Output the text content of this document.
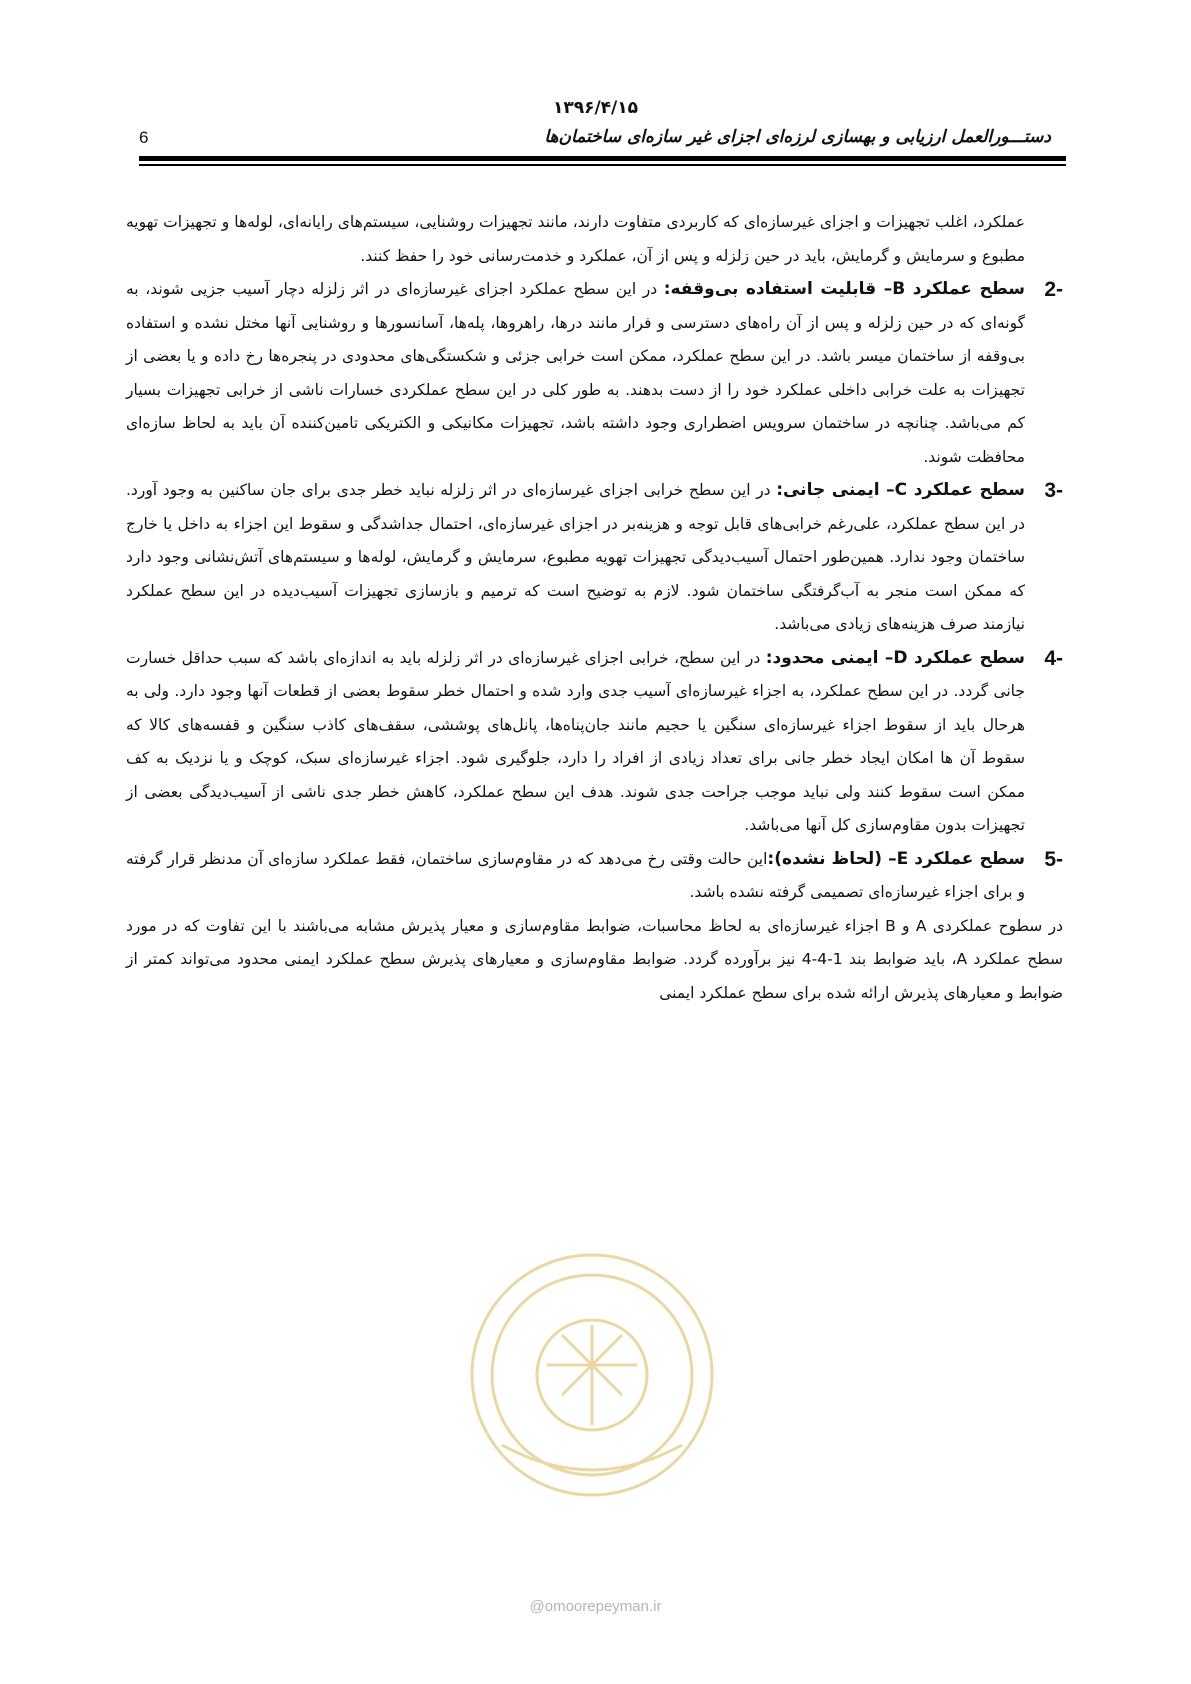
۱۳۹۶/۴/۱۵
دستـــورالعمل ارزیابی و بهسازی لرزه‌ای اجزای غیر سازه‌ای ساختمان‌ها
6

عملکرد، اغلب تجهیزات و اجزای غیرسازه‌ای که کاربردی متفاوت دارند، مانند تجهیزات روشنایی، سیستم‌های رایانه‌ای، لوله‌ها و تجهیزات تهویه مطبوع و سرمایش و گرمایش، باید در حین زلزله و پس از آن، عملکرد و خدمت‌رسانی خود را حفظ کنند.

2-
سطح عملکرد B– قابلیت استفاده بی‌وقفه: در این سطح عملکرد اجزای غیرسازه‌ای در اثر زلزله دچار آسیب جزیی شوند، به گونه‌ای که در حین زلزله و پس از آن راه‌های دسترسی و فرار مانند درها، راهروها، پله‌ها، آسانسورها و روشنایی آنها مختل نشده و استفاده بی‌وقفه از ساختمان میسر باشد. در این سطح عملکرد، ممکن است خرابی جزئی و شکستگی‌های محدودی در پنجره‌ها رخ داده و یا بعضی از تجهیزات به علت خرابی داخلی عملکرد خود را از دست بدهند. به طور کلی در این سطح عملکردی خسارات ناشی از خرابی تجهیزات بسیار کم می‌باشد. چنانچه در ساختمان سرویس اضطراری وجود داشته باشد، تجهیزات مکانیکی و الکتریکی تامین‌کننده آن باید به لحاظ سازه‌ای محافظت شوند.

3-
سطح عملکرد C– ایمنی جانی: در این سطح خرابی اجزای غیرسازه‌ای در اثر زلزله نباید خطر جدی برای جان ساکنین به وجود آورد. در این سطح عملکرد، علی‌رغم خرابی‌های قابل توجه و هزینه‌بر در اجزای غیرسازه‌ای، احتمال جداشدگی و سقوط این اجزاء به داخل یا خارج ساختمان وجود ندارد. همین‌طور احتمال آسیب‌دیدگی تجهیزات تهویه مطبوع، سرمایش و گرمایش، لوله‌ها و سیستم‌های آتش‌نشانی وجود دارد که ممکن است منجر به آب‌گرفتگی ساختمان شود. لازم به توضیح است که ترمیم و بازسازی تجهیزات آسیب‌دیده در این سطح عملکرد نیازمند صرف هزینه‌های زیادی می‌باشد.

4-
سطح عملکرد D– ایمنی محدود: در این سطح، خرابی اجزای غیرسازه‌ای در اثر زلزله باید به اندازه‌ای باشد که سبب حداقل خسارت جانی گردد. در این سطح عملکرد، به اجزاء غیرسازه‌ای آسیب جدی وارد شده و احتمال خطر سقوط بعضی از قطعات آنها وجود دارد. ولی به هرحال باید از سقوط اجزاء غیرسازه‌ای سنگین یا حجیم مانند جان‌پناه‌ها، پانل‌های پوششی، سقف‌های کاذب سنگین و قفسه‌های کالا که سقوط آن ها امکان ایجاد خطر جانی برای تعداد زیادی از افراد را دارد، جلوگیری شود. اجزاء غیرسازه‌ای سبک، کوچک و یا نزدیک به کف ممکن است سقوط کنند ولی نباید موجب جراحت جدی شوند. هدف این سطح عملکرد، کاهش خطر جدی ناشی از آسیب‌دیدگی بعضی از تجهیزات بدون مقاوم‌سازی کل آنها می‌باشد.

5-
سطح عملکرد E– (لحاظ نشده):این حالت وقتی رخ می‌دهد که در مقاوم‌سازی ساختمان، فقط عملکرد سازه‌ای آن مدنظر قرار گرفته و برای اجزاء غیرسازه‌ای تصمیمی گرفته نشده باشد.

در سطوح عملکردی A و B اجزاء غیرسازه‌ای به لحاظ محاسبات، ضوابط مقاوم‌سازی و معیار پذیرش مشابه می‌باشند با این تفاوت که در مورد سطح عملکرد A، باید ضوابط بند 1-4-4 نیز برآورده گردد. ضوابط مقاوم‌سازی و معیارهای پذیرش سطح عملکرد ایمنی محدود می‌تواند کمتر از ضوابط و معیارهای پذیرش ارائه شده برای سطح عملکرد ایمنی

@omoorepeyman.ir
